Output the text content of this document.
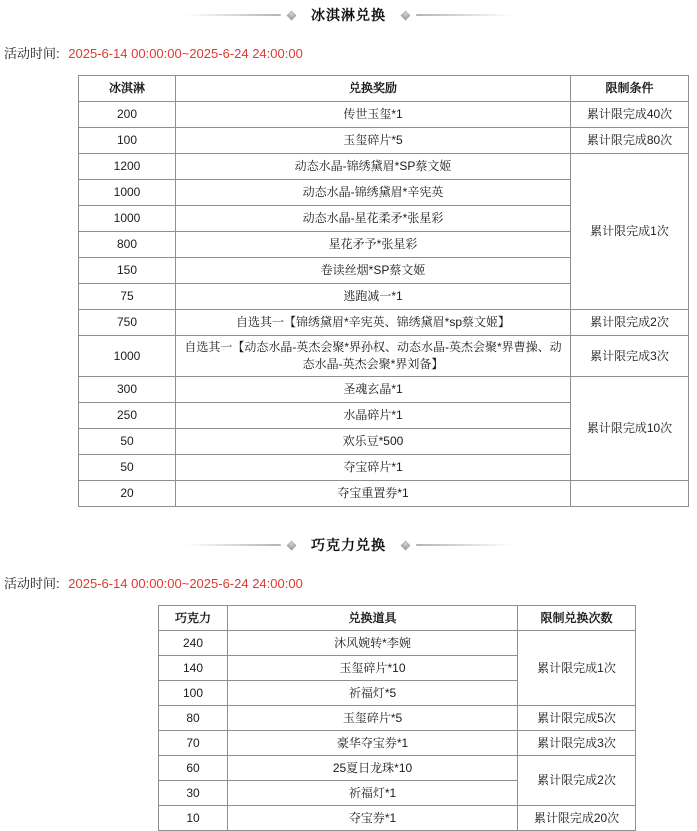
冰淇淋兑换
活动时间: 2025-6-14 00:00:00~2025-6-24 24:00:00
冰淇淋	兑换奖励	限制条件
200	传世玉玺*1	累计限完成40次
100	玉玺碎片*5	累计限完成80次
1200	动态水晶-锦绣黛眉*SP蔡文姬	累计限完成1次
1000	动态水晶-锦绣黛眉*辛宪英	
1000	动态水晶-星花柔矛*张星彩	
800	星花矛予*张星彩	
150	卷读丝烟*SP蔡文姬	
75	逃跑减一*1	
750	自选其一【锦绣黛眉*辛宪英、锦绣黛眉*sp蔡文姬】	累计限完成2次
1000	自选其一【动态水晶-英杰会聚*界孙权、动态水晶-英杰会聚*界曹操、动态水晶-英杰会聚*界刘备】	累计限完成3次
300	圣魂玄晶*1	累计限完成10次
250	水晶碎片*1	
50	欢乐豆*500	
50	夺宝碎片*1	
20	夺宝重置券*1	
巧克力兑换
活动时间: 2025-6-14 00:00:00~2025-6-24 24:00:00
巧克力	兑换道具	限制兑换次数
240	沐风婉转*李婉	累计限完成1次
140	玉玺碎片*10	
100	祈福灯*5	
80	玉玺碎片*5	累计限完成5次
70	豪华夺宝券*1	累计限完成3次
60	25夏日龙珠*10	累计限完成2次
30	祈福灯*1	
10	夺宝券*1	累计限完成20次
